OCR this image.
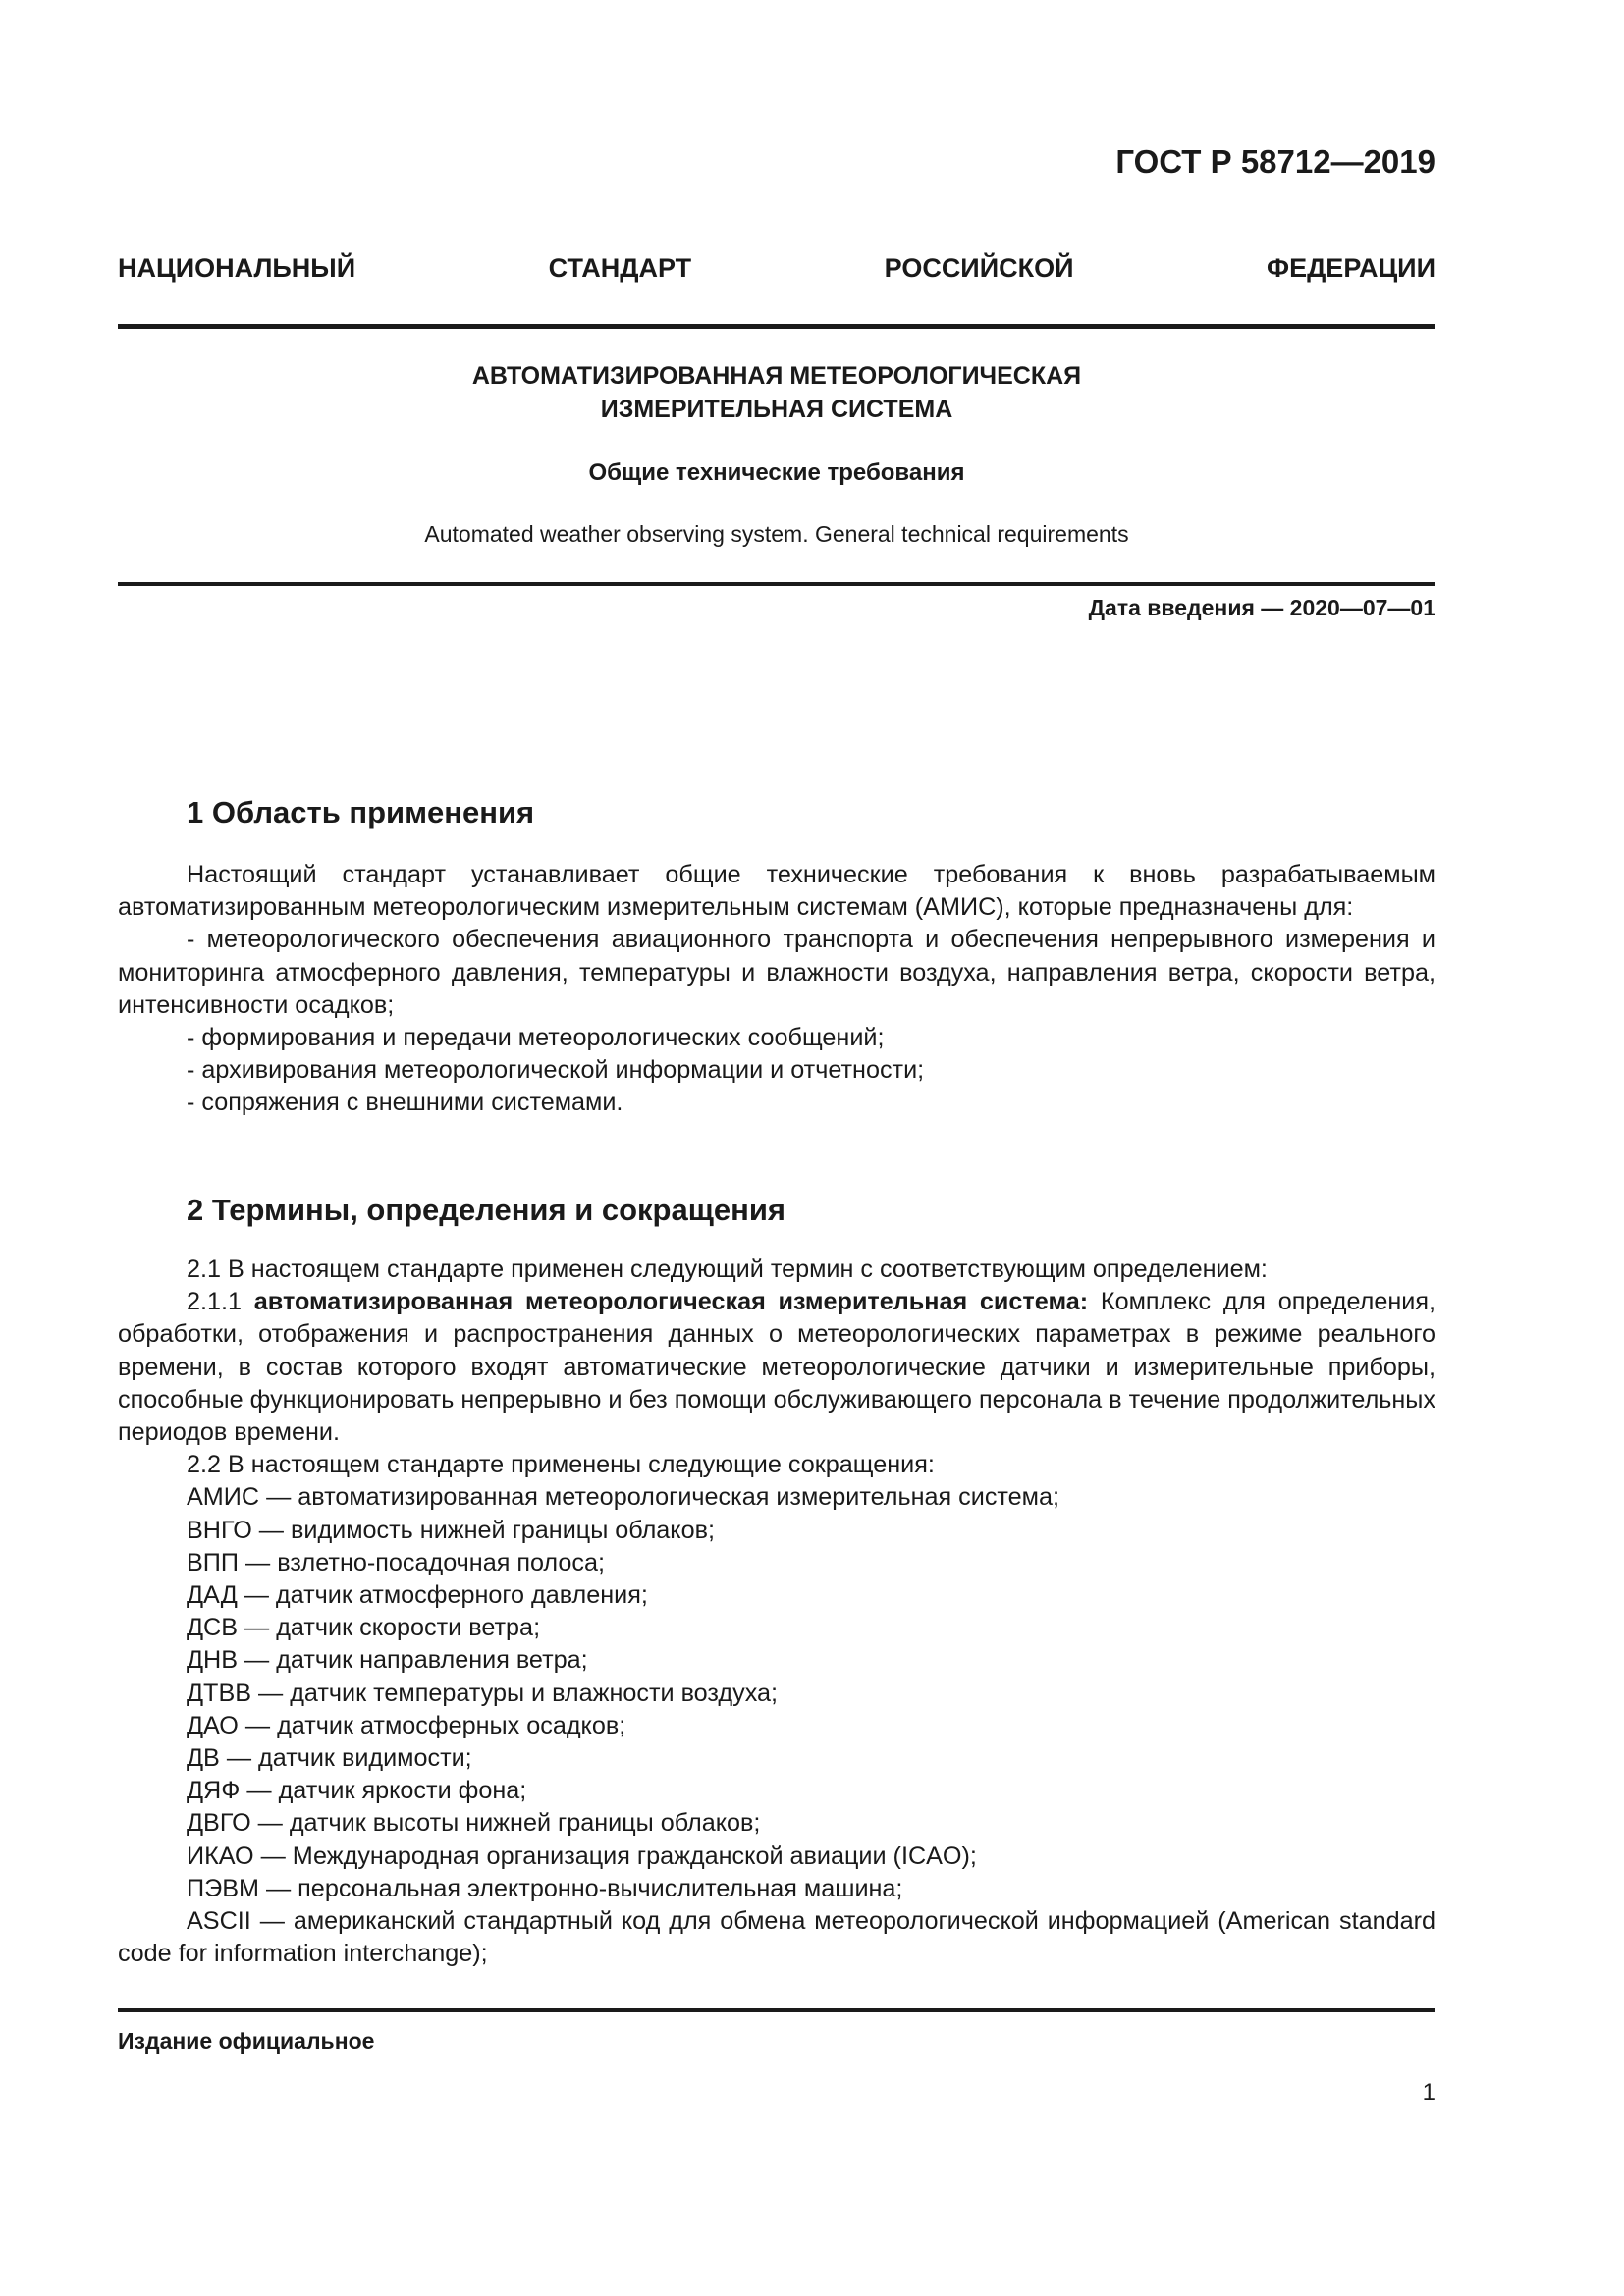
ГОСТ Р 58712—2019
НАЦИОНАЛЬНЫЙ СТАНДАРТ РОССИЙСКОЙ ФЕДЕРАЦИИ
АВТОМАТИЗИРОВАННАЯ МЕТЕОРОЛОГИЧЕСКАЯ
ИЗМЕРИТЕЛЬНАЯ СИСТЕМА
Общие технические требования
Automated weather observing system. General technical requirements
Дата введения — 2020—07—01
1 Область применения

Настоящий стандарт устанавливает общие технические требования к вновь разрабатываемым автоматизированным метеорологическим измерительным системам (АМИС), которые предназначены для:

- метеорологического обеспечения авиационного транспорта и обеспечения непрерывного измерения и мониторинга атмосферного давления, температуры и влажности воздуха, направления ветра, скорости ветра, интенсивности осадков;

- формирования и передачи метеорологических сообщений;

- архивирования метеорологической информации и отчетности;

- сопряжения с внешними системами.

2 Термины, определения и сокращения

2.1 В настоящем стандарте применен следующий термин с соответствующим определением:

2.1.1 автоматизированная метеорологическая измерительная система: Комплекс для определения, обработки, отображения и распространения данных о метеорологических параметрах в режиме реального времени, в состав которого входят автоматические метеорологические датчики и измерительные приборы, способные функционировать непрерывно и без помощи обслуживающего персонала в течение продолжительных периодов времени.

2.2 В настоящем стандарте применены следующие сокращения:

АМИС — автоматизированная метеорологическая измерительная система;

ВНГО — видимость нижней границы облаков;

ВПП — взлетно-посадочная полоса;

ДАД — датчик атмосферного давления;

ДСВ — датчик скорости ветра;

ДНВ — датчик направления ветра;

ДТВВ — датчик температуры и влажности воздуха;

ДАО — датчик атмосферных осадков;

ДВ — датчик видимости;

ДЯФ — датчик яркости фона;

ДВГО — датчик высоты нижней границы облаков;

ИКАО — Международная организация гражданской авиации (ICAO);

ПЭВМ — персональная электронно-вычислительная машина;

ASCII — американский стандартный код для обмена метеорологической информацией (American standard code for information interchange);

Издание официальное
1
